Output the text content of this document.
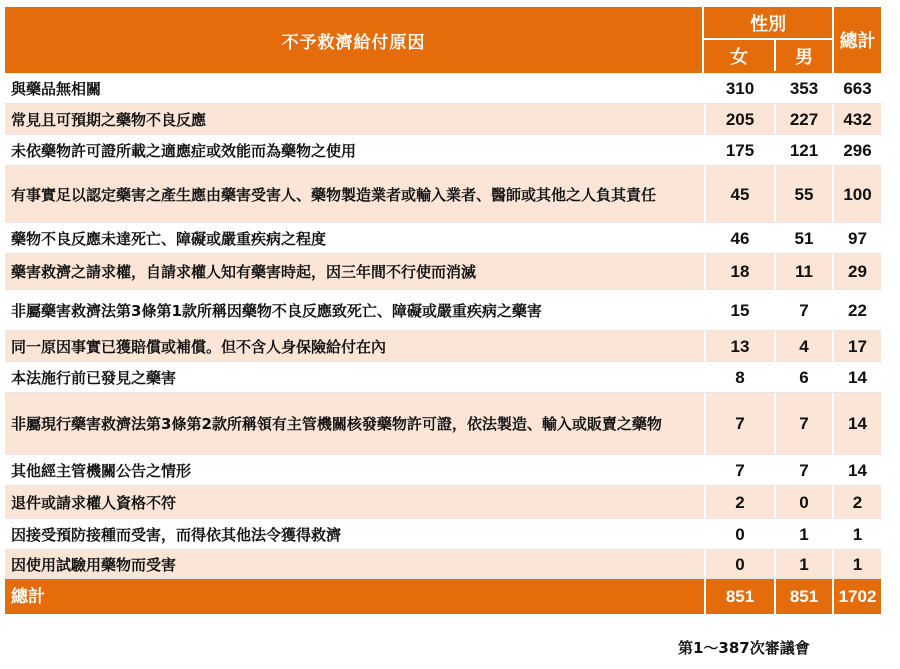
不予救濟給付原因
性別
女	男
總計
與藥品無相關	310	353	663
常見且可預期之藥物不良反應	205	227	432
未依藥物許可證所載之適應症或效能而為藥物之使用	175	121	296
有事實足以認定藥害之產生應由藥害受害人、藥物製造業者或輸入業者、醫師或其他之人負其責任	45	55	100
藥物不良反應未達死亡、障礙或嚴重疾病之程度	46	51	97
藥害救濟之請求權，自請求權人知有藥害時起，因三年間不行使而消滅	18	11	29
非屬藥害救濟法第3條第1款所稱因藥物不良反應致死亡、障礙或嚴重疾病之藥害	15	7	22
同一原因事實已獲賠償或補償。但不含人身保險給付在內	13	4	17
本法施行前已發見之藥害	8	6	14
非屬現行藥害救濟法第3條第2款所稱領有主管機關核發藥物許可證，依法製造、輸入或販賣之藥物	7	7	14
其他經主管機關公告之情形	7	7	14
退件或請求權人資格不符	2	0	2
因接受預防接種而受害，而得依其他法令獲得救濟	0	1	1
因使用試驗用藥物而受害	0	1	1
總計	851	851	1702
第1～387次審議會
